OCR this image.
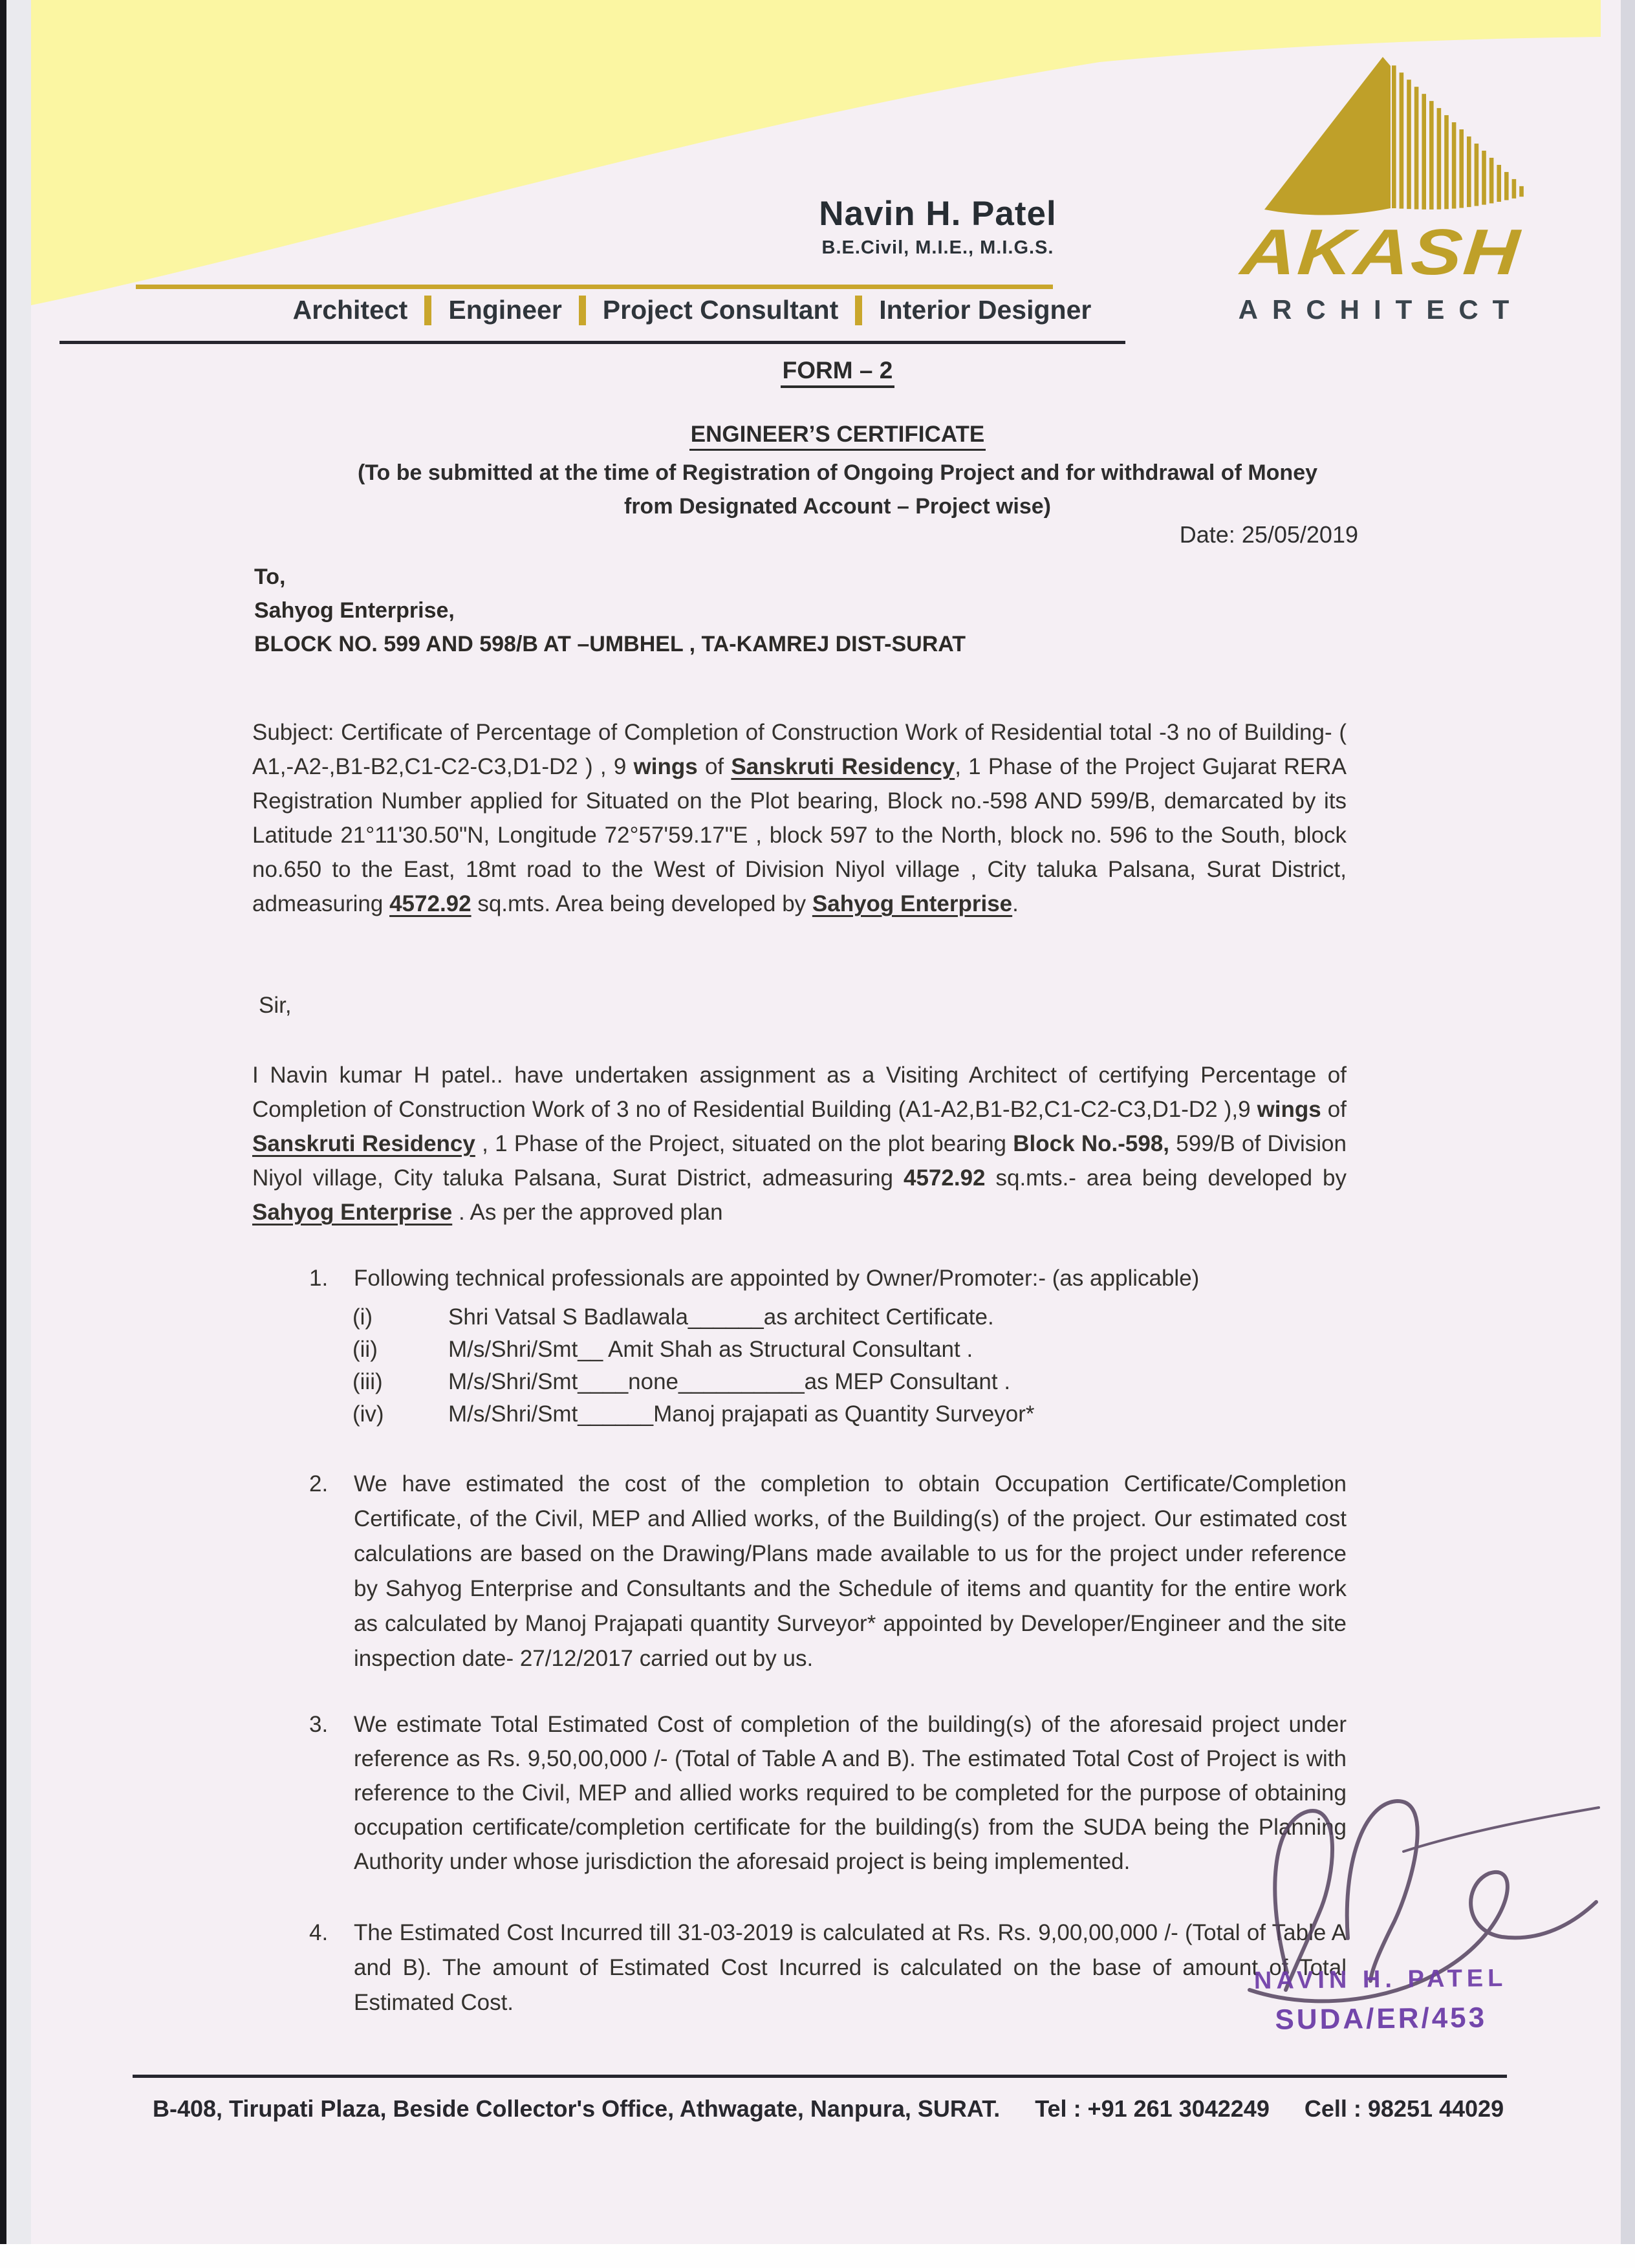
Navin H. Patel
B.E.Civil, M.I.E., M.I.G.S.
Architect Engineer Project Consultant Interior Designer
AKASH
ARCHITECT
FORM – 2
ENGINEER’S CERTIFICATE
(To be submitted at the time of Registration of Ongoing Project and for withdrawal of Money
from Designated Account – Project wise)
Date: 25/05/2019
To,
Sahyog Enterprise,
BLOCK NO. 599 AND 598/B AT –UMBHEL , TA-KAMREJ DIST-SURAT
Subject: Certificate of Percentage of Completion of Construction Work of Residential total -3 no of Building- ( A1,-A2-,B1-B2,C1-C2-C3,D1-D2 ) , 9 wings of Sanskruti Residency, 1 Phase of the Project Gujarat RERA Registration Number applied for Situated on the Plot bearing, Block no.-598 AND 599/B, demarcated by its Latitude 21°11'30.50"N, Longitude 72°57'59.17"E , block 597 to the North, block no. 596 to the South, block no.650 to the East, 18mt road to the West of Division Niyol village , City taluka Palsana, Surat District, admeasuring 4572.92 sq.mts. Area being developed by Sahyog Enterprise.
Sir,
I Navin kumar H patel.. have undertaken assignment as a Visiting Architect of certifying Percentage of Completion of Construction Work of 3 no of Residential Building (A1-A2,B1-B2,C1-C2-C3,D1-D2 ),9 wings of Sanskruti Residency , 1 Phase of the Project, situated on the plot bearing Block No.-598, 599/B of Division Niyol village, City taluka Palsana, Surat District, admeasuring 4572.92 sq.mts.- area being developed by Sahyog Enterprise . As per the approved plan
1.	Following technical professionals are appointed by Owner/Promoter:- (as applicable)
(i)	Shri Vatsal S Badlawala______as architect Certificate.
(ii)	M/s/Shri/Smt__ Amit Shah as Structural Consultant .
(iii)	M/s/Shri/Smt____none__________as MEP Consultant .
(iv)	M/s/Shri/Smt______Manoj prajapati as Quantity Surveyor*
2.	We have estimated the cost of the completion to obtain Occupation Certificate/Completion Certificate, of the Civil, MEP and Allied works, of the Building(s) of the project. Our estimated cost calculations are based on the Drawing/Plans made available to us for the project under reference by Sahyog Enterprise and Consultants and the Schedule of items and quantity for the entire work as calculated by Manoj Prajapati quantity Surveyor* appointed by Developer/Engineer and the site inspection date- 27/12/2017 carried out by us.
3.	We estimate Total Estimated Cost of completion of the building(s) of the aforesaid project under reference as Rs. 9,50,00,000 /- (Total of Table A and B). The estimated Total Cost of Project is with reference to the Civil, MEP and allied works required to be completed for the purpose of obtaining occupation certificate/completion certificate for the building(s) from the SUDA being the Planning Authority under whose jurisdiction the aforesaid project is being implemented.
4.	The Estimated Cost Incurred till 31-03-2019 is calculated at Rs. Rs. 9,00,00,000 /- (Total of Table A and B). The amount of Estimated Cost Incurred is calculated on the base of amount of Total Estimated Cost.
NAVIN H. PATEL
SUDA/ER/453
B-408, Tirupati Plaza, Beside Collector's Office, Athwagate, Nanpura, SURAT. Tel : +91 261 3042249 Cell : 98251 44029
